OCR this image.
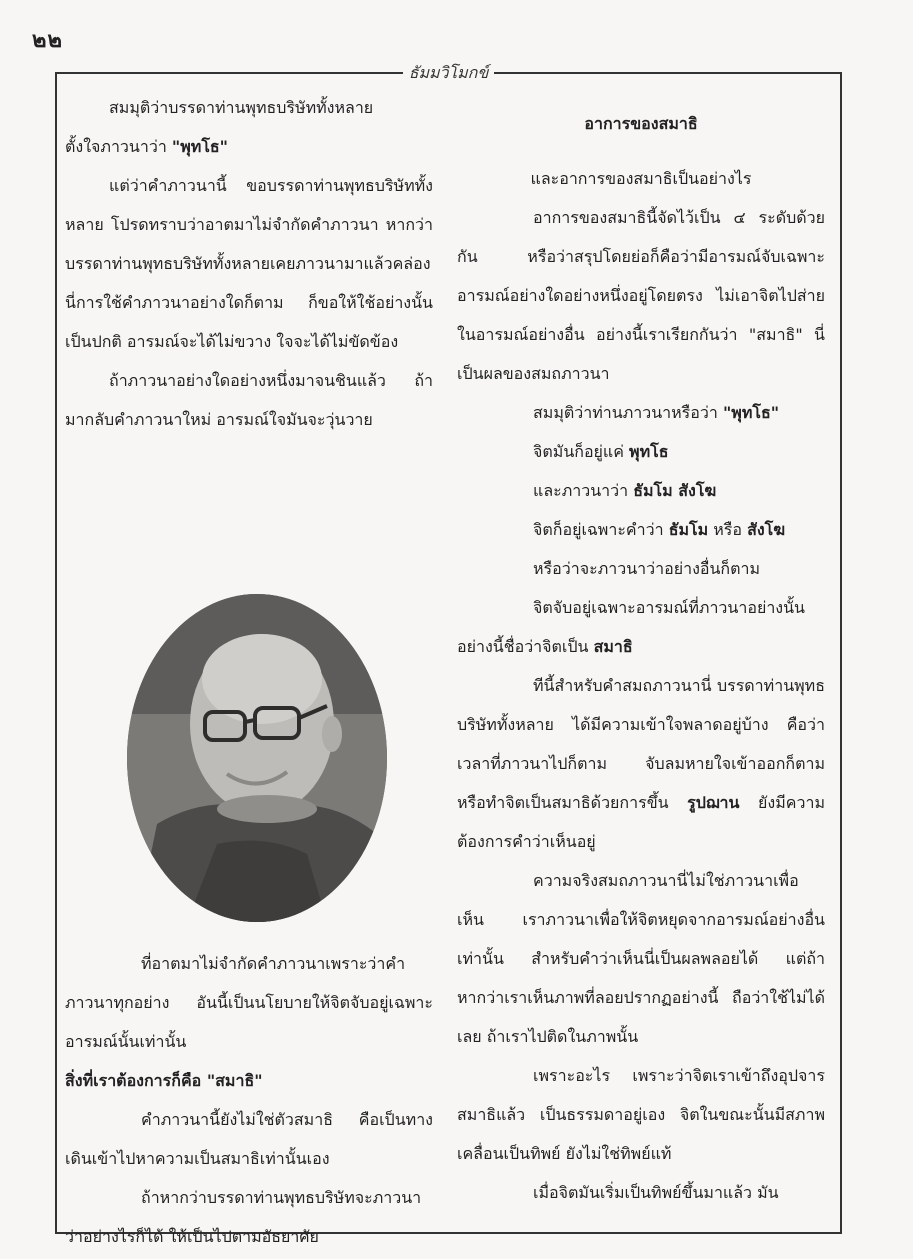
๒๒
ธัมมวิโมกข์

สมมุติว่าบรรดาท่านพุทธบริษัททั้งหลาย

ตั้งใจภาวนาว่า "พุทโธ"

แต่ว่าคำภาวนานี้ ขอบรรดาท่านพุทธบริษัททั้งหลาย โปรดทราบว่าอาตมาไม่จำกัดคำภาวนา หากว่าบรรดาท่านพุทธบริษัททั้งหลายเคยภาวนามาแล้วคล่อง นี่การใช้คำภาวนาอย่างใดก็ตาม ก็ขอให้ใช้อย่างนั้นเป็นปกติ อารมณ์จะได้ไม่ขวาง ใจจะได้ไม่ขัดข้อง

ถ้าภาวนาอย่างใดอย่างหนึ่งมาจนชินแล้ว ถ้ามากลับคำภาวนาใหม่ อารมณ์ใจมันจะวุ่นวาย

ที่อาตมาไม่จำกัดคำภาวนาเพราะว่าคำภาวนาทุกอย่าง อันนี้เป็นนโยบายให้จิตจับอยู่เฉพาะอารมณ์นั้นเท่านั้น

สิ่งที่เราต้องการก็คือ "สมาธิ"

คำภาวนานี้ยังไม่ใช่ตัวสมาธิ คือเป็นทางเดินเข้าไปหาความเป็นสมาธิเท่านั้นเอง

ถ้าหากว่าบรรดาท่านพุทธบริษัทจะภาวนาว่าอย่างไรก็ได้ ให้เป็นไปตามอัธยาศัย

อาการของสมาธิ

และอาการของสมาธิเป็นอย่างไร

อาการของสมาธินี้จัดไว้เป็น ๔ ระดับด้วยกัน หรือว่าสรุปโดยย่อก็คือว่ามีอารมณ์จับเฉพาะอารมณ์อย่างใดอย่างหนึ่งอยู่โดยตรง ไม่เอาจิตไปส่ายในอารมณ์อย่างอื่น อย่างนี้เราเรียกกันว่า "สมาธิ" นี่เป็นผลของสมถภาวนา

สมมุติว่าท่านภาวนาหรือว่า "พุทโธ"

จิตมันก็อยู่แค่ พุทโธ

และภาวนาว่า ธัมโม สังโฆ

จิตก็อยู่เฉพาะคำว่า ธัมโม หรือ สังโฆ

หรือว่าจะภาวนาว่าอย่างอื่นก็ตาม

จิตจับอยู่เฉพาะอารมณ์ที่ภาวนาอย่างนั้น

อย่างนี้ชื่อว่าจิตเป็น สมาธิ

ทีนี้สำหรับคำสมถภาวนานี่ บรรดาท่านพุทธบริษัททั้งหลาย ได้มีความเข้าใจพลาดอยู่บ้าง คือว่าเวลาที่ภาวนาไปก็ตาม จับลมหายใจเข้าออกก็ตาม หรือทำจิตเป็นสมาธิด้วยการขึ้น รูปฌาน ยังมีความต้องการคำว่าเห็นอยู่

ความจริงสมถภาวนานี่ไม่ใช่ภาวนาเพื่อเห็น เราภาวนาเพื่อให้จิตหยุดจากอารมณ์อย่างอื่นเท่านั้น สำหรับคำว่าเห็นนี่เป็นผลพลอยได้ แต่ถ้าหากว่าเราเห็นภาพที่ลอยปรากฏอย่างนี้ ถือว่าใช้ไม่ได้เลย ถ้าเราไปติดในภาพนั้น

เพราะอะไร เพราะว่าจิตเราเข้าถึงอุปจารสมาธิแล้ว เป็นธรรมดาอยู่เอง จิตในขณะนั้นมีสภาพเคลื่อนเป็นทิพย์ ยังไม่ใช่ทิพย์แท้

เมื่อจิตมันเริ่มเป็นทิพย์ขึ้นมาแล้ว มัน
